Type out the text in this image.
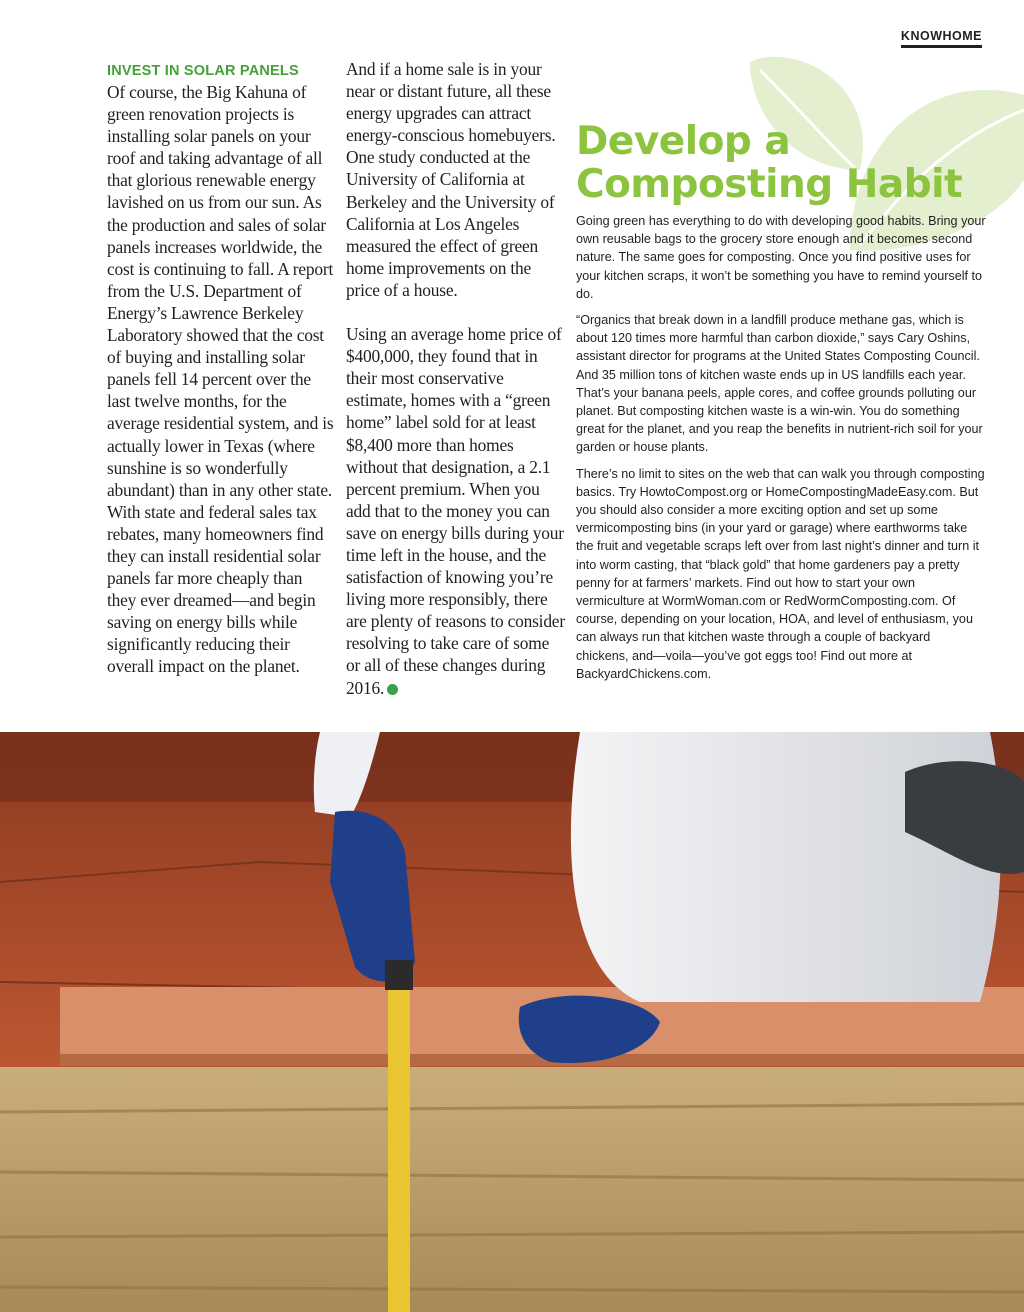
KNOWHOME
INVEST IN SOLAR PANELS

Of course, the Big Kahuna of green renovation projects is installing solar panels on your roof and taking advantage of all that glorious renewable energy lavished on us from our sun. As the production and sales of solar panels increases worldwide, the cost is continuing to fall. A report from the U.S. Department of Energy’s Lawrence Berkeley Laboratory showed that the cost of buying and installing solar panels fell 14 percent over the last twelve months, for the average residential system, and is actually lower in Texas (where sunshine is so wonderfully abundant) than in any other state. With state and federal sales tax rebates, many homeowners find they can install residential solar panels far more cheaply than they ever dreamed—and begin saving on energy bills while significantly reducing their overall impact on the planet.

And if a home sale is in your near or distant future, all these energy upgrades can attract energy-conscious homebuyers. One study conducted at the University of California at Berkeley and the University of California at Los Angeles measured the effect of green home improvements on the price of a house.

Using an average home price of $400,000, they found that in their most conservative estimate, homes with a “green home” label sold for at least $8,400 more than homes without that designation, a 2.1 percent premium. When you add that to the money you can save on energy bills during your time left in the house, and the satisfaction of knowing you’re living more responsibly, there are plenty of reasons to consider resolving to take care of some or all of these changes during 2016.

Develop a
Composting Habit

Going green has everything to do with developing good habits. Bring your own reusable bags to the grocery store enough and it becomes second nature. The same goes for composting. Once you find positive uses for your kitchen scraps, it won’t be something you have to remind yourself to do.

“Organics that break down in a landfill produce methane gas, which is about 120 times more harmful than carbon dioxide,” says Cary Oshins, assistant director for programs at the United States Composting Council. And 35 million tons of kitchen waste ends up in US landfills each year. That’s your banana peels, apple cores, and coffee grounds polluting our planet. But composting kitchen waste is a win-win. You do something great for the planet, and you reap the benefits in nutrient-rich soil for your garden or house plants.

There’s no limit to sites on the web that can walk you through composting basics. Try HowtoCompost.org or HomeCompostingMadeEasy.com. But you should also consider a more exciting option and set up some vermicomposting bins (in your yard or garage) where earthworms take the fruit and vegetable scraps left over from last night’s dinner and turn it into worm casting, that “black gold” that home gardeners pay a pretty penny for at farmers’ markets. Find out how to start your own vermiculture at WormWoman.com or RedWormComposting.com. Of course, depending on your location, HOA, and level of enthusiasm, you can always run that kitchen waste through a couple of backyard chickens, and—voila—you’ve got eggs too! Find out more at BackyardChickens.com.
